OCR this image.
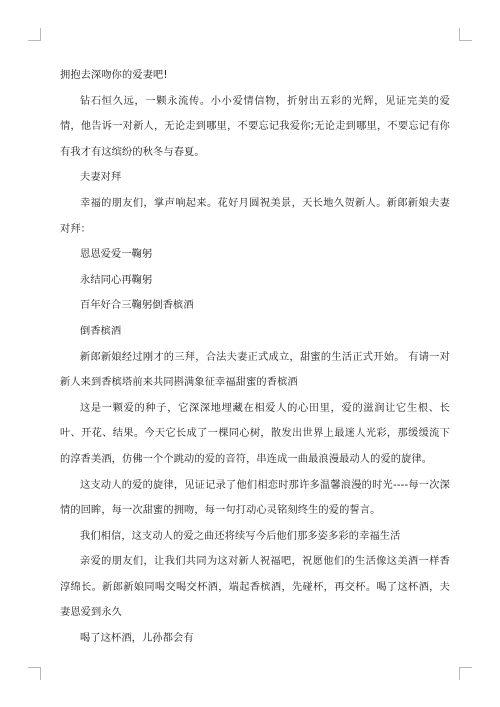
拥抱去深吻你的爱妻吧!

钻石恒久远，一颗永流传。小小爱情信物，折射出五彩的光辉，见证完美的爱情，他告诉一对新人，无论走到哪里，不要忘记我爱你;无论走到哪里，不要忘记有你有我才有这缤纷的秋冬与春夏。

夫妻对拜

幸福的朋友们，掌声响起来。花好月圆祝美景，天长地久贺新人。新郎新娘夫妻对拜：

恩恩爱爱一鞠躬

永结同心再鞠躬

百年好合三鞠躬倒香槟酒

倒香槟酒

新郎新娘经过刚才的三拜，合法夫妻正式成立，甜蜜的生活正式开始。 有请一对新人来到香槟塔前来共同斟满象征幸福甜蜜的香槟酒

这是一颗爱的种子，它深深地埋藏在相爱人的心田里，爱的滋润让它生根、长叶、开花、结果。今天它长成了一棵同心树，散发出世界上最迷人光彩，那缓缓流下的淳香美酒，仿佛一个个跳动的爱的音符，串连成一曲最浪漫最动人的爱的旋律。

这支动人的爱的旋律，见证记录了他们相恋时那许多温馨浪漫的时光----每一次深情的回眸，每一次甜蜜的拥吻，每一句打动心灵铭刻终生的爱的誓言。

我们相信，这支动人的爱之曲还将续写今后他们那多姿多彩的幸福生活

亲爱的朋友们，让我们共同为这对新人祝福吧，祝愿他们的生活像这美酒一样香淳绵长。新郎新娘同喝交喝交杯酒，端起香槟酒，先碰杯，再交杯。喝了这杯酒，夫妻恩爱到永久

喝了这杯酒，儿孙都会有
